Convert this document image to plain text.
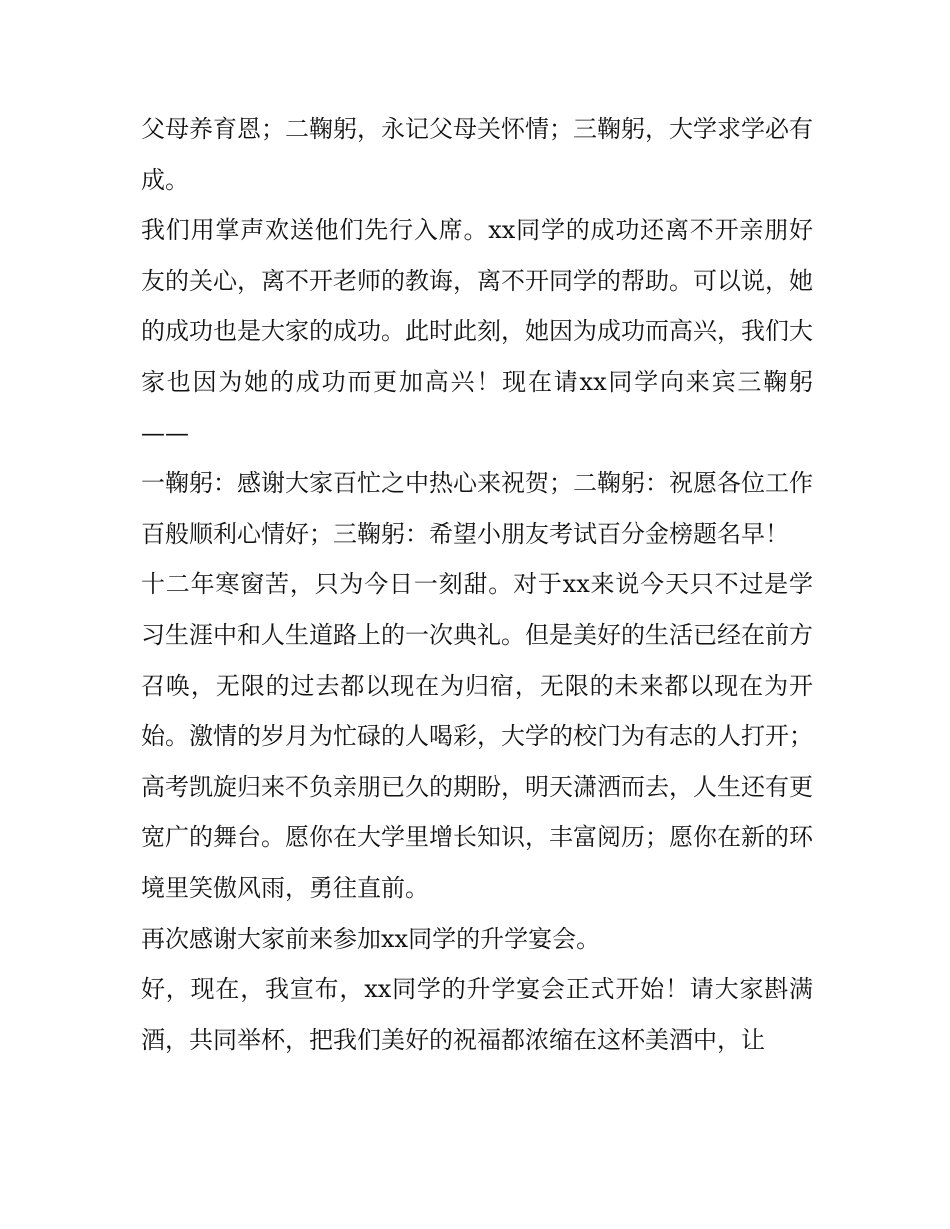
父母养育恩；二鞠躬，永记父母关怀情；三鞠躬，大学求学必有成。

我们用掌声欢送他们先行入席。xx同学的成功还离不开亲朋好友的关心，离不开老师的教诲，离不开同学的帮助。可以说，她的成功也是大家的成功。此时此刻，她因为成功而高兴，我们大家也因为她的成功而更加高兴！现在请xx同学向来宾三鞠躬——

一鞠躬：感谢大家百忙之中热心来祝贺；二鞠躬：祝愿各位工作百般顺利心情好；三鞠躬：希望小朋友考试百分金榜题名早！

十二年寒窗苦，只为今日一刻甜。对于xx来说今天只不过是学习生涯中和人生道路上的一次典礼。但是美好的生活已经在前方召唤，无限的过去都以现在为归宿，无限的未来都以现在为开始。激情的岁月为忙碌的人喝彩，大学的校门为有志的人打开；高考凯旋归来不负亲朋已久的期盼，明天潇洒而去，人生还有更宽广的舞台。愿你在大学里增长知识，丰富阅历；愿你在新的环境里笑傲风雨，勇往直前。

再次感谢大家前来参加xx同学的升学宴会。

好，现在，我宣布，xx同学的升学宴会正式开始！请大家斟满酒，共同举杯，把我们美好的祝福都浓缩在这杯美酒中，让
